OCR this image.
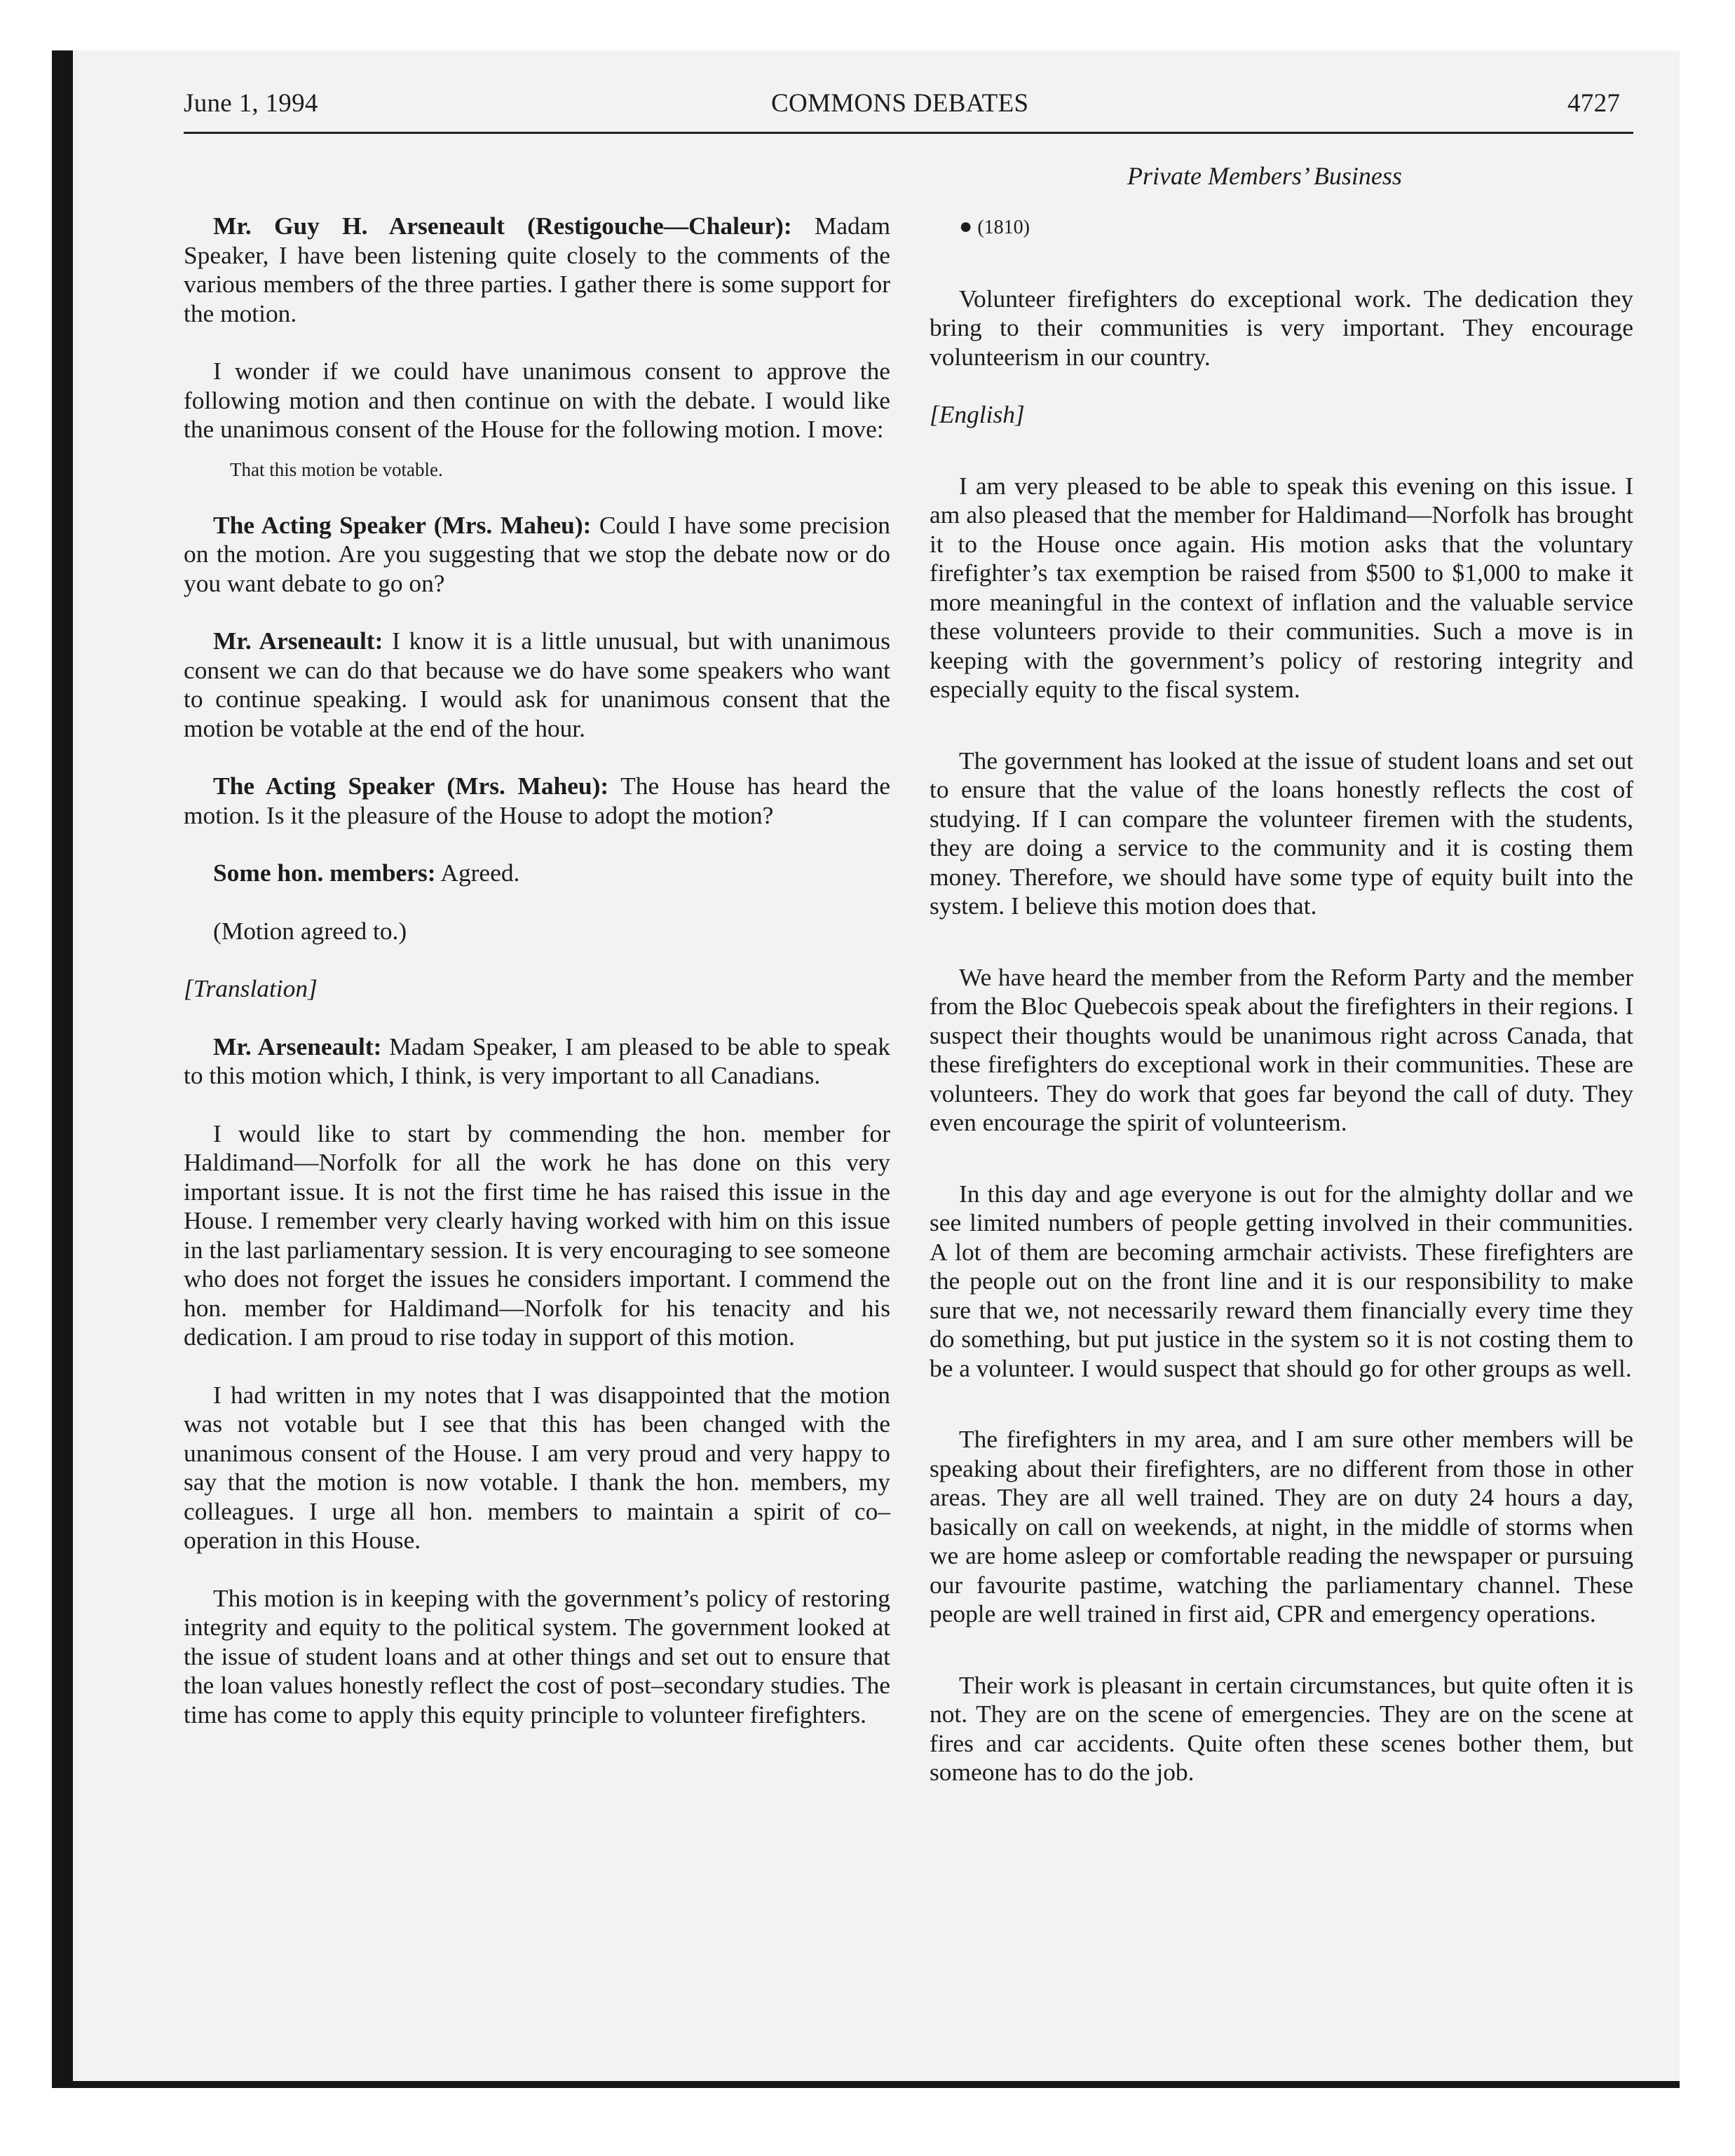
June 1, 1994	COMMONS DEBATES	4727
Private Members’ Business

Mr. Guy H. Arseneault (Restigouche—Chaleur): Madam Speaker, I have been listening quite closely to the comments of the various members of the three parties. I gather there is some support for the motion.

I wonder if we could have unanimous consent to approve the following motion and then continue on with the debate. I would like the unanimous consent of the House for the following motion. I move:

That this motion be votable.

The Acting Speaker (Mrs. Maheu): Could I have some precision on the motion. Are you suggesting that we stop the debate now or do you want debate to go on?

Mr. Arseneault: I know it is a little unusual, but with unanimous consent we can do that because we do have some speakers who want to continue speaking. I would ask for unanimous consent that the motion be votable at the end of the hour.

The Acting Speaker (Mrs. Maheu): The House has heard the motion. Is it the pleasure of the House to adopt the motion?

Some hon. members: Agreed.

(Motion agreed to.)

[Translation]

Mr. Arseneault: Madam Speaker, I am pleased to be able to speak to this motion which, I think, is very important to all Canadians.

I would like to start by commending the hon. member for Haldimand—Norfolk for all the work he has done on this very important issue. It is not the first time he has raised this issue in the House. I remember very clearly having worked with him on this issue in the last parliamentary session. It is very encouraging to see someone who does not forget the issues he considers important. I commend the hon. member for Haldimand—Norfolk for his tenacity and his dedication. I am proud to rise today in support of this motion.

I had written in my notes that I was disappointed that the motion was not votable but I see that this has been changed with the unanimous consent of the House. I am very proud and very happy to say that the motion is now votable. I thank the hon. members, my colleagues. I urge all hon. members to maintain a spirit of co–operation in this House.

This motion is in keeping with the government’s policy of restoring integrity and equity to the political system. The government looked at the issue of student loans and at other things and set out to ensure that the loan values honestly reflect the cost of post–secondary studies. The time has come to apply this equity principle to volunteer firefighters.

● (1810)

Volunteer firefighters do exceptional work. The dedication they bring to their communities is very important. They encourage volunteerism in our country.

[English]

I am very pleased to be able to speak this evening on this issue. I am also pleased that the member for Haldimand—Norfolk has brought it to the House once again. His motion asks that the voluntary firefighter’s tax exemption be raised from $500 to $1,000 to make it more meaningful in the context of inflation and the valuable service these volunteers provide to their communities. Such a move is in keeping with the government’s policy of restoring integrity and especially equity to the fiscal system.

The government has looked at the issue of student loans and set out to ensure that the value of the loans honestly reflects the cost of studying. If I can compare the volunteer firemen with the students, they are doing a service to the community and it is costing them money. Therefore, we should have some type of equity built into the system. I believe this motion does that.

We have heard the member from the Reform Party and the member from the Bloc Quebecois speak about the firefighters in their regions. I suspect their thoughts would be unanimous right across Canada, that these firefighters do exceptional work in their communities. These are volunteers. They do work that goes far beyond the call of duty. They even encourage the spirit of volunteerism.

In this day and age everyone is out for the almighty dollar and we see limited numbers of people getting involved in their communities. A lot of them are becoming armchair activists. These firefighters are the people out on the front line and it is our responsibility to make sure that we, not necessarily reward them financially every time they do something, but put justice in the system so it is not costing them to be a volunteer. I would suspect that should go for other groups as well.

The firefighters in my area, and I am sure other members will be speaking about their firefighters, are no different from those in other areas. They are all well trained. They are on duty 24 hours a day, basically on call on weekends, at night, in the middle of storms when we are home asleep or comfortable reading the newspaper or pursuing our favourite pastime, watching the parliamentary channel. These people are well trained in first aid, CPR and emergency operations.

Their work is pleasant in certain circumstances, but quite often it is not. They are on the scene of emergencies. They are on the scene at fires and car accidents. Quite often these scenes bother them, but someone has to do the job.
